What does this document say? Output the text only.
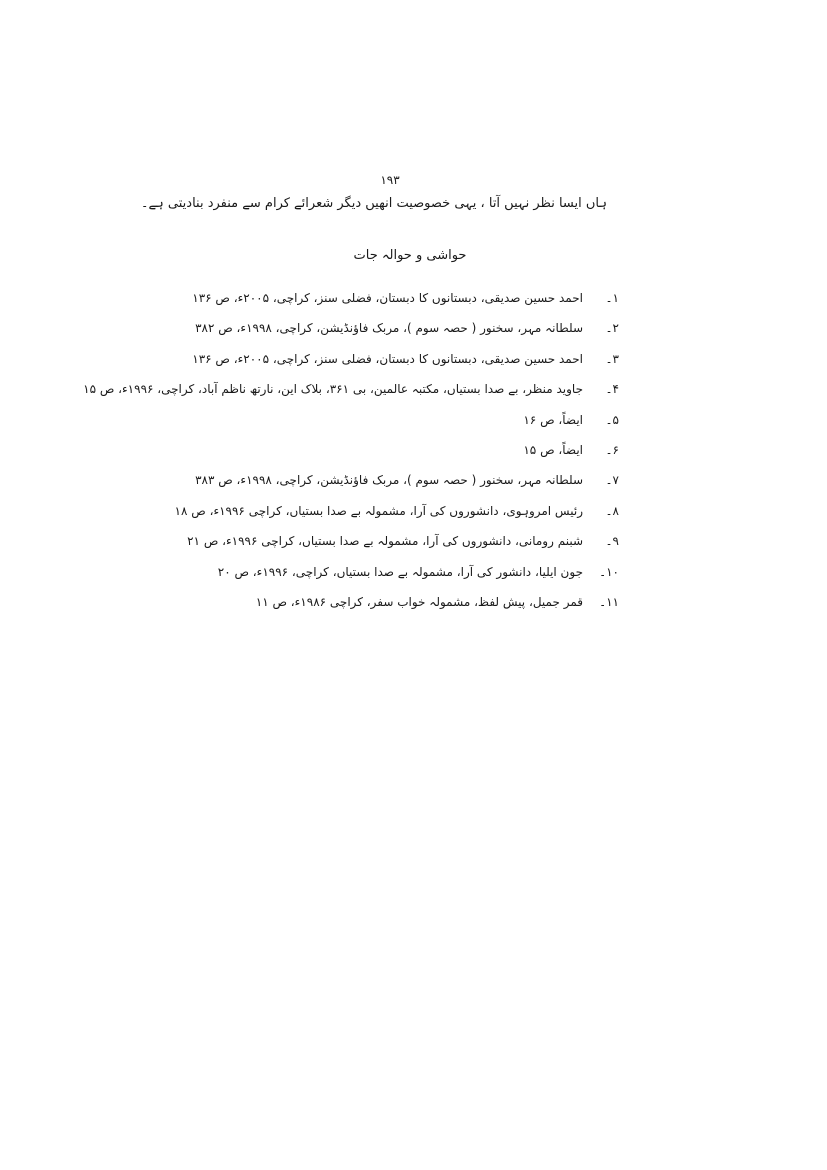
۱۹۳
ہاں ایسا نظر نہیں آتا ، یہی خصوصیت انھیں دیگر شعرائے کرام سے منفرد بنادیتی ہے۔
حواشی و حوالہ جات
۱۔
احمد حسین صدیقی، دبستانوں کا دبستان، فضلی سنز، کراچی، ۲۰۰۵ء، ص ۱۳۶
۲۔
سلطانہ مہر، سخنور ( حصہ سوم )، مربک فاؤنڈیشن، کراچی، ۱۹۹۸ء، ص ۳۸۲
۳۔
احمد حسین صدیقی، دبستانوں کا دبستان، فضلی سنز، کراچی، ۲۰۰۵ء، ص ۱۳۶
۴۔
جاوید منظر، بے صدا بستیاں، مکتبہ عالمین، بی ۳۶۱، بلاک این، نارتھ ناظم آباد، کراچی، ۱۹۹۶ء، ص ۱۵
۵۔
ایضاً، ص ۱۶
۶۔
ایضاً، ص ۱۵
۷۔
سلطانہ مہر، سخنور ( حصہ سوم )، مربک فاؤنڈیشن، کراچی، ۱۹۹۸ء، ص ۳۸۳
۸۔
رئیس امروہوی، دانشوروں کی آرا، مشمولہ بے صدا بستیاں، کراچی ۱۹۹۶ء، ص ۱۸
۹۔
شبنم رومانی، دانشوروں کی آرا، مشمولہ بے صدا بستیاں، کراچی ۱۹۹۶ء، ص ۲۱
۱۰۔
جون ایلیا، دانشور کی آرا، مشمولہ بے صدا بستیاں، کراچی، ۱۹۹۶ء، ص ۲۰
۱۱۔
قمر جمیل، پیش لفظ، مشمولہ خواب سفر، کراچی ۱۹۸۶ء، ص ۱۱
